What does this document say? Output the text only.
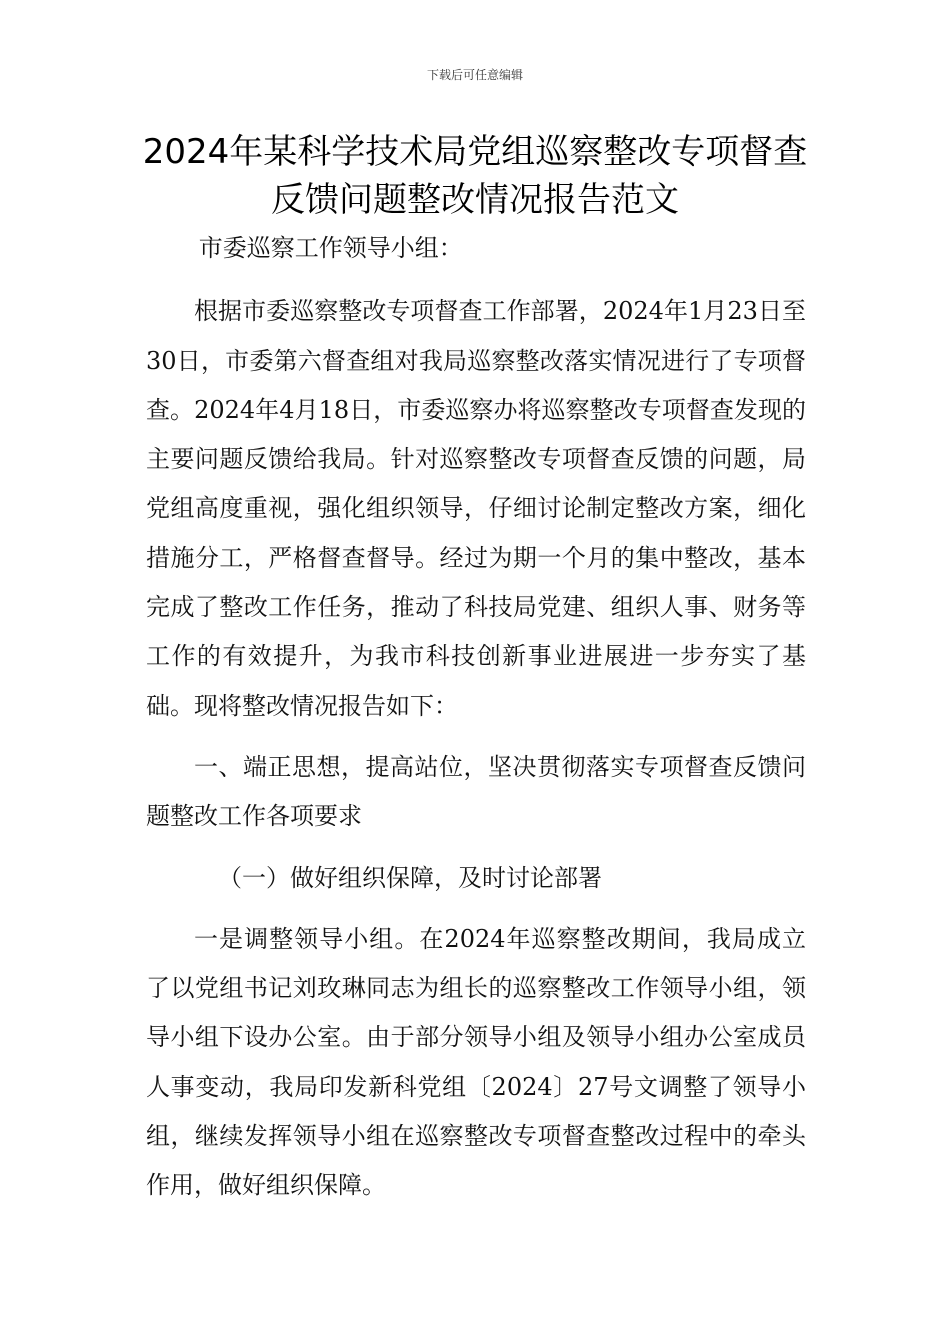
下载后可任意编辑
2024年某科学技术局党组巡察整改专项督查反馈问题整改情况报告范文

市委巡察工作领导小组：

根据市委巡察整改专项督查工作部署，2024年1月23日至30日，市委第六督查组对我局巡察整改落实情况进行了专项督查。2024年4月18日，市委巡察办将巡察整改专项督查发现的主要问题反馈给我局。针对巡察整改专项督查反馈的问题，局党组高度重视，强化组织领导，仔细讨论制定整改方案，细化措施分工，严格督查督导。经过为期一个月的集中整改，基本完成了整改工作任务，推动了科技局党建、组织人事、财务等工作的有效提升，为我市科技创新事业进展进一步夯实了基础。现将整改情况报告如下：

一、端正思想，提高站位，坚决贯彻落实专项督查反馈问题整改工作各项要求

（一）做好组织保障，及时讨论部署

一是调整领导小组。在2024年巡察整改期间，我局成立了以党组书记刘玫琳同志为组长的巡察整改工作领导小组，领导小组下设办公室。由于部分领导小组及领导小组办公室成员人事变动，我局印发新科党组〔2024〕27号文调整了领导小组，继续发挥领导小组在巡察整改专项督查整改过程中的牵头作用，做好组织保障。
